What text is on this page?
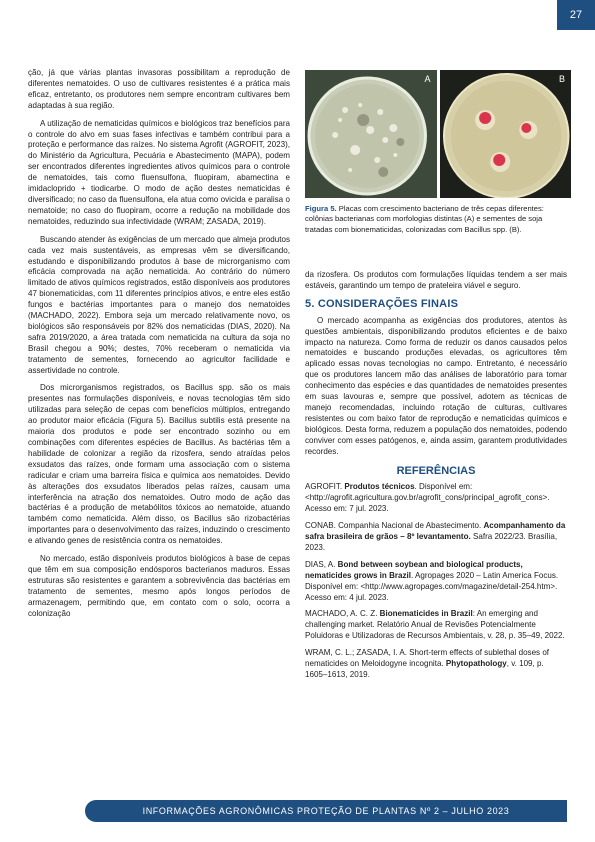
27

ção, já que várias plantas invasoras possibilitam a reprodução de diferentes nematoides. O uso de cultivares resistentes é a prática mais eficaz, entretanto, os produtores nem sempre encontram cultivares bem adaptadas à sua região.

A utilização de nematicidas químicos e biológicos traz benefícios para o controle do alvo em suas fases infectivas e também contribui para a proteção e performance das raízes. No sistema Agrofit (AGROFIT, 2023), do Ministério da Agricultura, Pecuária e Abastecimento (MAPA), podem ser encontrados diferentes ingredientes ativos químicos para o controle de nematoides, tais como fluensulfona, fluopiram, abamectina e imidacloprido + tiodicarbe. O modo de ação destes nematicidas é diversificado; no caso da fluensulfona, ela atua como ovicida e paralisa o nematoide; no caso do fluopiram, ocorre a redução na mobilidade dos nematoides, reduzindo sua infectividade (WRAM; ZASADA, 2019).

Buscando atender às exigências de um mercado que almeja produtos cada vez mais sustentáveis, as empresas vêm se diversificando, estudando e disponibilizando produtos à base de microrganismo com eficácia comprovada na ação nematicida. Ao contrário do número limitado de ativos químicos registrados, estão disponíveis aos produtores 47 bionematicidas, com 11 diferentes princípios ativos, e entre eles estão fungos e bactérias importantes para o manejo dos nematoides (MACHADO, 2022). Embora seja um mercado relativamente novo, os biológicos são responsáveis por 82% dos nematicidas (DIAS, 2020). Na safra 2019/2020, a área tratada com nematicida na cultura da soja no Brasil chegou a 90%; destes, 70% receberam o nematicida via tratamento de sementes, fornecendo ao agricultor facilidade e assertividade no controle.

Dos microrganismos registrados, os Bacillus spp. são os mais presentes nas formulações disponíveis, e novas tecnologias têm sido utilizadas para seleção de cepas com benefícios múltiplos, entregando ao produtor maior eficácia (Figura 5). Bacillus subtilis está presente na maioria dos produtos e pode ser encontrado sozinho ou em combinações com diferentes espécies de Bacillus. As bactérias têm a habilidade de colonizar a região da rizosfera, sendo atraídas pelos exsudatos das raízes, onde formam uma associação com o sistema radicular e criam uma barreira física e química aos nematoides. Devido às alterações dos exsudatos liberados pelas raízes, causam uma interferência na atração dos nematoides. Outro modo de ação das bactérias é a produção de metabólitos tóxicos ao nematoide, atuando também como nematicida. Além disso, os Bacillus são rizobactérias importantes para o desenvolvimento das raízes, induzindo o crescimento e ativando genes de resistência contra os nematoides.

No mercado, estão disponíveis produtos biológicos à base de cepas que têm em sua composição endósporos bacterianos maduros. Essas estruturas são resistentes e garantem a sobrevivência das bactérias em tratamento de sementes, mesmo após longos períodos de armazenagem, permitindo que, em contato com o solo, ocorra a colonização

A	B
Figura 5. Placas com crescimento bacteriano de três cepas diferentes: colônias bacterianas com morfologias distintas (A) e sementes de soja tratadas com bionematicidas, colonizadas com Bacillus spp. (B).

da rizosfera. Os produtos com formulações líquidas tendem a ser mais estáveis, garantindo um tempo de prateleira viável e seguro.

5. CONSIDERAÇÕES FINAIS

O mercado acompanha as exigências dos produtores, atentos às questões ambientais, disponibilizando produtos eficientes e de baixo impacto na natureza. Como forma de reduzir os danos causados pelos nematoides e buscando produções elevadas, os agricultores têm aplicado essas novas tecnologias no campo. Entretanto, é necessário que os produtores lancem mão das análises de laboratório para tomar conhecimento das espécies e das quantidades de nematoides presentes em suas lavouras e, sempre que possível, adotem as técnicas de manejo recomendadas, incluindo rotação de culturas, cultivares resistentes ou com baixo fator de reprodução e nematicidas químicos e biológicos. Desta forma, reduzem a população dos nematoides, podendo conviver com esses patógenos, e, ainda assim, garantem produtividades recordes.

REFERÊNCIAS
AGROFIT. Produtos técnicos. Disponível em: <http://agrofit.agricultura.gov.br/agrofit_cons/principal_agrofit_cons>. Acesso em: 7 jul. 2023.
CONAB. Companhia Nacional de Abastecimento. Acompanhamento da safra brasileira de grãos – 8º levantamento. Safra 2022/23. Brasília, 2023.
DIAS, A. Bond between soybean and biological products, nematicides grows in Brazil. Agropages 2020 – Latin America Focus. Disponível em: <http://www.agropages.com/magazine/detail-254.htm>. Acesso em: 4 jul. 2023.
MACHADO, A. C. Z. Bionematicides in Brazil: An emerging and challenging market. Relatório Anual de Revisões Potencialmente Poluidoras e Utilizadoras de Recursos Ambientais, v. 28, p. 35–49, 2022.
WRAM, C. L.; ZASADA, I. A. Short-term effects of sublethal doses of nematicides on Meloidogyne incognita. Phytopathology, v. 109, p. 1605–1613, 2019.
INFORMAÇÕES AGRONÔMICAS PROTEÇÃO DE PLANTAS Nº 2 – JULHO 2023
